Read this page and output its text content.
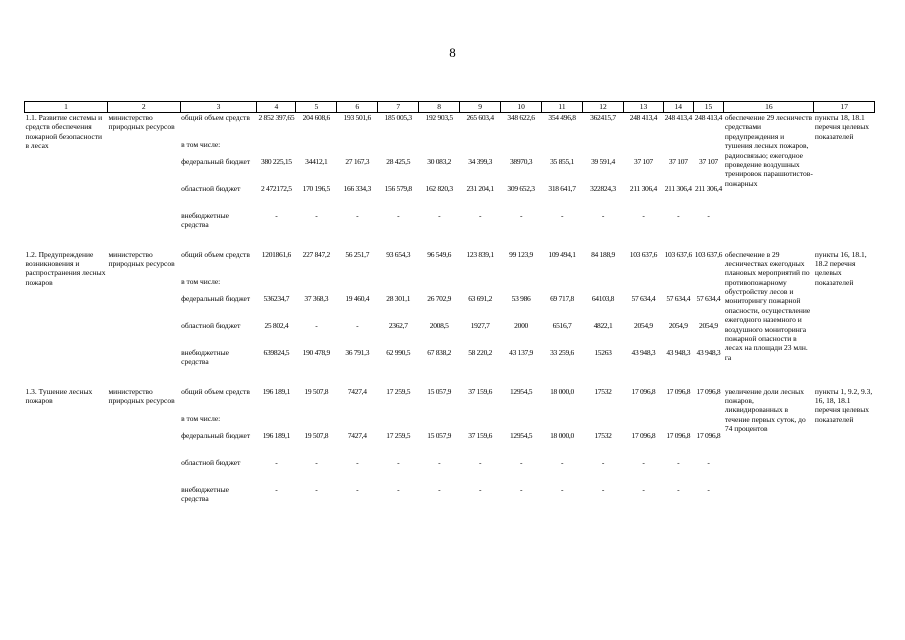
8
1	2	3	4	5	6	7	8	9	10	11	12	13	14	15	16	17
1.1. Развитие системы и средств обеспечения пожарной безопасности в лесах	министерство природных ресурсов	общий объем средств	2 852 397,65	204 608,6	193 501,6	185 005,3	192 903,5	265 603,4	348 622,6	354 496,8	362415,7	248 413,4	248 413,4	248 413,4	обеспечение 29 лесничеств средствами предупреждения и тушения лесных пожаров, радиосвязью; ежегодное проведение воздушных тренировок парашютистов-пожарных	пункты 18, 18.1 перечня целевых показателей
		в том числе:														
		федеральный бюджет	380 225,15	34412,1	27 167,3	28 425,5	30 083,2	34 399,3	38970,3	35 855,1	39 591,4	37 107	37 107	37 107		
		областной бюджет	2 472172,5	170 196,5	166 334,3	156 579,8	162 820,3	231 204,1	309 652,3	318 641,7	322824,3	211 306,4	211 306,4	211 306,4		
		внебюджетные средства	-	-	-	-	-	-	-	-	-	-	-	-		

1.2. Предупреждение возникновения и распространения лесных пожаров	министерство природных ресурсов	общий объем средств	1201861,6	227 847,2	56 251,7	93 654,3	96 549,6	123 839,1	99 123,9	109 494,1	84 188,9	103 637,6	103 637,6	103 637,6	обеспечение в 29 лесничествах ежегодных плановых мероприятий по противопожарному обустройству лесов и мониторингу пожарной опасности, осуществление ежегодного наземного и воздушного мониторинга пожарной опасности в лесах на площади 23 млн. га	пункты 16, 18.1, 18.2 перечня целевых показателей
		в том числе:														
		федеральный бюджет	536234,7	37 368,3	19 460,4	28 301,1	26 702,9	63 691,2	53 986	69 717,8	64103,8	57 634,4	57 634,4	57 634,4		
		областной бюджет	25 802,4	-	-	2362,7	2008,5	1927,7	2000	6516,7	4822,1	2054,9	2054,9	2054,9		
		внебюджетные средства	639824,5	190 478,9	36 791,3	62 990,5	67 838,2	58 220,2	43 137,9	33 259,6	15263	43 948,3	43 948,3	43 948,3		

1.3. Тушение лесных пожаров	министерство природных ресурсов	общий объем средств	196 189,1	19 507,8	7427,4	17 259,5	15 057,9	37 159,6	12954,5	18 000,0	17532	17 096,8	17 096,8	17 096,8	увеличение доли лесных пожаров, ликвидированных в течение первых суток, до 74 процентов	пункты 1, 9.2, 9.3, 16, 18, 18.1 перечня целевых показателей
		в том числе:														
		федеральный бюджет	196 189,1	19 507,8	7427,4	17 259,5	15 057,9	37 159,6	12954,5	18 000,0	17532	17 096,8	17 096,8	17 096,8		
		областной бюджет	-	-	-	-	-	-	-	-	-	-	-	-		
		внебюджетные средства	-	-	-	-	-	-	-	-	-	-	-	-		
